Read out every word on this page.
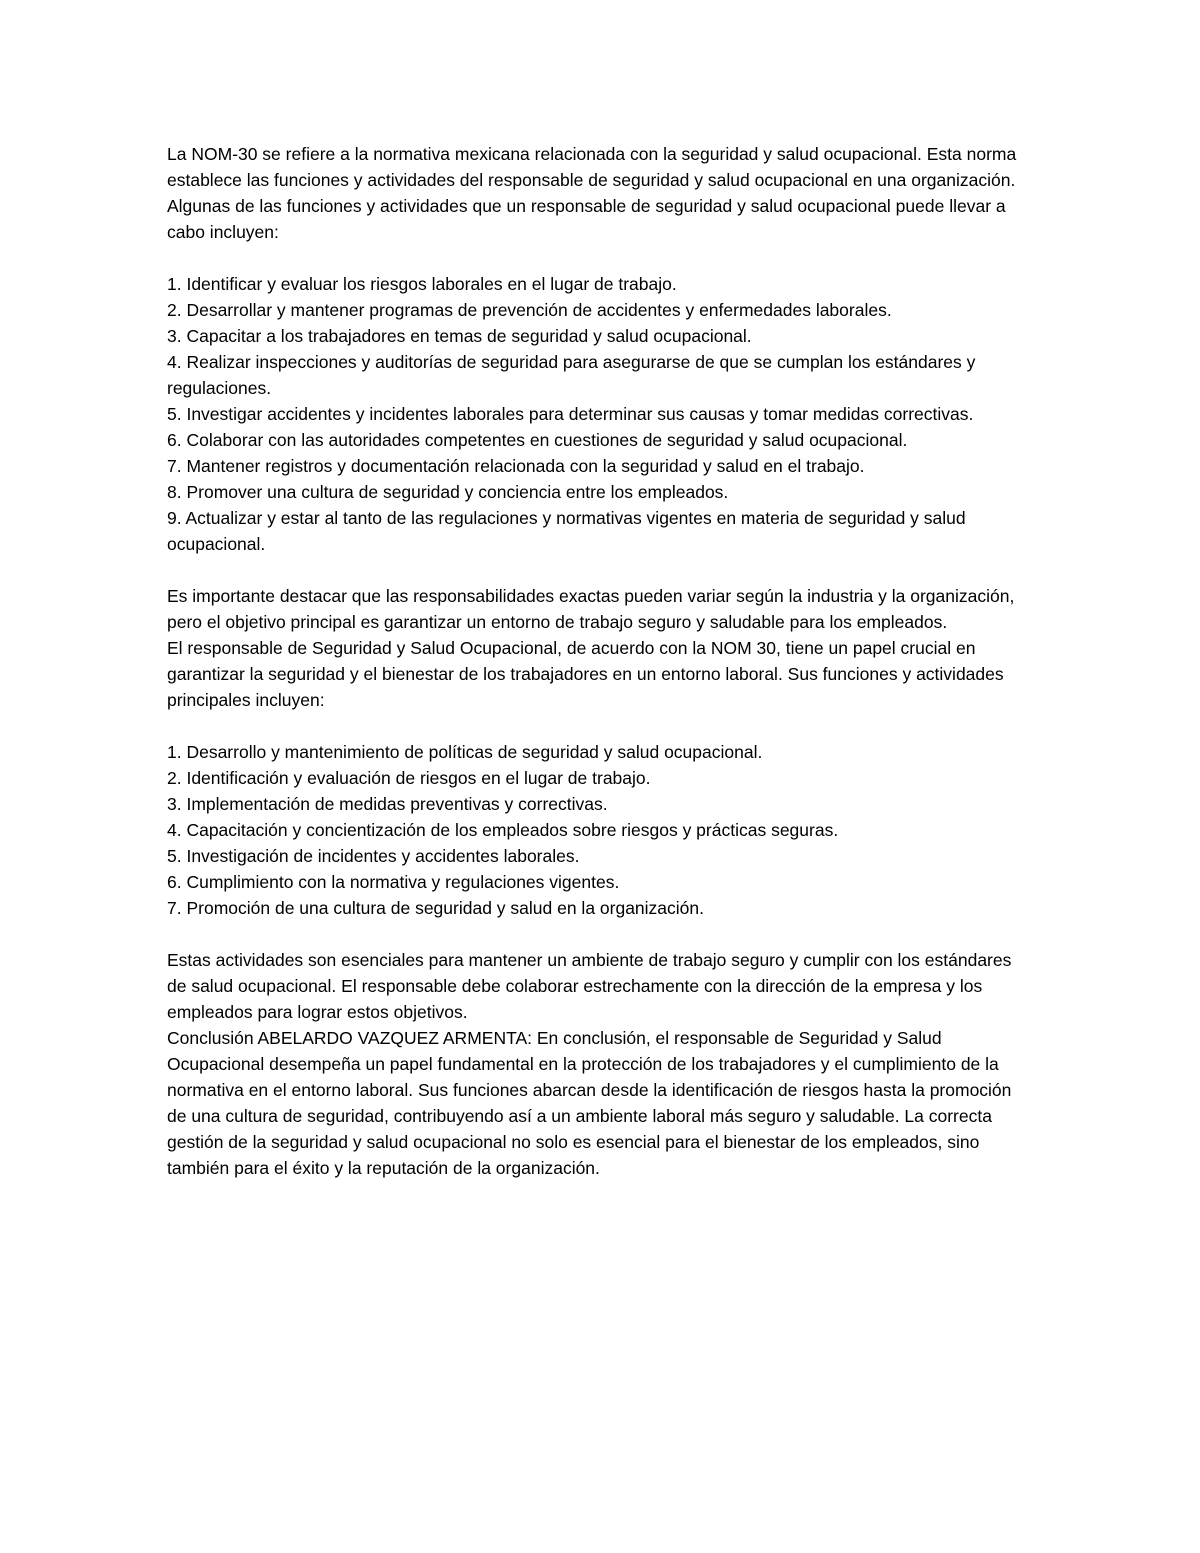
La NOM-30 se refiere a la normativa mexicana relacionada con la seguridad y salud ocupacional. Esta norma establece las funciones y actividades del responsable de seguridad y salud ocupacional en una organización. Algunas de las funciones y actividades que un responsable de seguridad y salud ocupacional puede llevar a cabo incluyen:

1. Identificar y evaluar los riesgos laborales en el lugar de trabajo.

2. Desarrollar y mantener programas de prevención de accidentes y enfermedades laborales.

3. Capacitar a los trabajadores en temas de seguridad y salud ocupacional.

4. Realizar inspecciones y auditorías de seguridad para asegurarse de que se cumplan los estándares y regulaciones.

5. Investigar accidentes y incidentes laborales para determinar sus causas y tomar medidas correctivas.

6. Colaborar con las autoridades competentes en cuestiones de seguridad y salud ocupacional.

7. Mantener registros y documentación relacionada con la seguridad y salud en el trabajo.

8. Promover una cultura de seguridad y conciencia entre los empleados.

9. Actualizar y estar al tanto de las regulaciones y normativas vigentes en materia de seguridad y salud ocupacional.

Es importante destacar que las responsabilidades exactas pueden variar según la industria y la organización, pero el objetivo principal es garantizar un entorno de trabajo seguro y saludable para los empleados.

El responsable de Seguridad y Salud Ocupacional, de acuerdo con la NOM 30, tiene un papel crucial en garantizar la seguridad y el bienestar de los trabajadores en un entorno laboral. Sus funciones y actividades principales incluyen:

1. Desarrollo y mantenimiento de políticas de seguridad y salud ocupacional.

2. Identificación y evaluación de riesgos en el lugar de trabajo.

3. Implementación de medidas preventivas y correctivas.

4. Capacitación y concientización de los empleados sobre riesgos y prácticas seguras.

5. Investigación de incidentes y accidentes laborales.

6. Cumplimiento con la normativa y regulaciones vigentes.

7. Promoción de una cultura de seguridad y salud en la organización.

Estas actividades son esenciales para mantener un ambiente de trabajo seguro y cumplir con los estándares de salud ocupacional. El responsable debe colaborar estrechamente con la dirección de la empresa y los empleados para lograr estos objetivos.

Conclusión ABELARDO VAZQUEZ ARMENTA: En conclusión, el responsable de Seguridad y Salud Ocupacional desempeña un papel fundamental en la protección de los trabajadores y el cumplimiento de la normativa en el entorno laboral. Sus funciones abarcan desde la identificación de riesgos hasta la promoción de una cultura de seguridad, contribuyendo así a un ambiente laboral más seguro y saludable. La correcta gestión de la seguridad y salud ocupacional no solo es esencial para el bienestar de los empleados, sino también para el éxito y la reputación de la organización.
